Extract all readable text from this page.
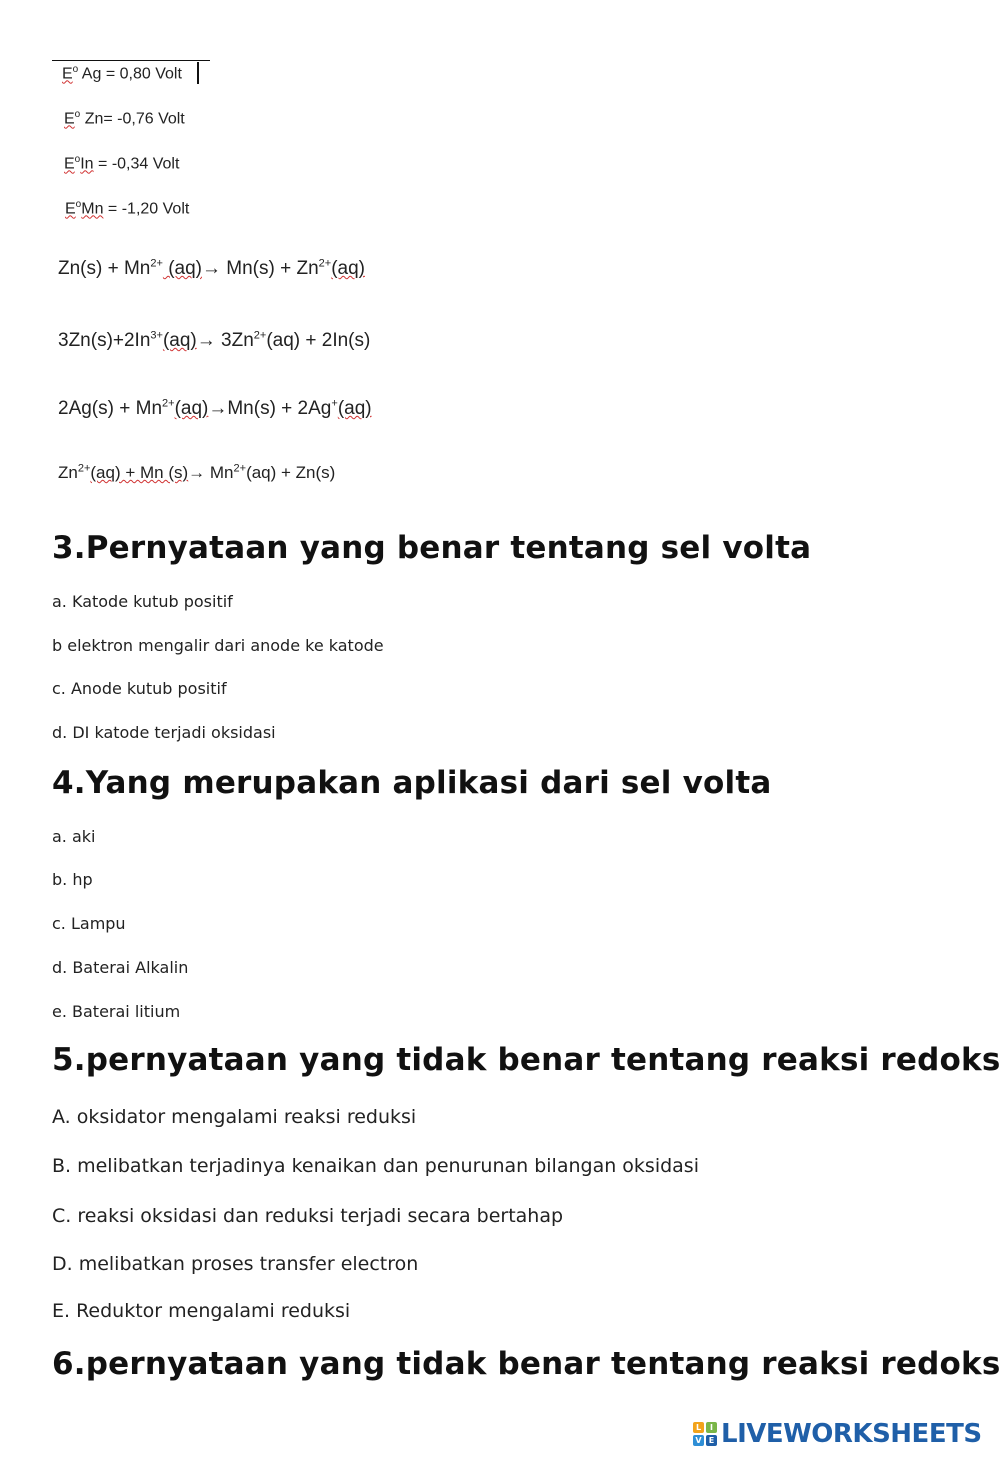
$E^o$ Ag = 0,80 Volt
$E^o$ Zn= -0,76 Volt
$E^oIn = -0,34$ Volt
$E^oMn = -1,20$ Volt
$Zn(s) + Mn^{2+}$ $(aq)\to Mn(s) + Zn^{2+}(aq)$
$3Zn(s)+2In^{3+}(aq)\to 3Zn^{2+}(aq) + 2In(s)$
$2Ag(s) + Mn^{2+}(aq)\to Mn(s) + 2Ag^+(aq)$
$Zn^{2+}(aq) + Mn$ $(s)\to Mn^{2+}(aq) + Zn(s)$
3.Pernyataan yang benar tentang sel volta
a. Katode kutub positif
b elektron mengalir dari anode ke katode
c. Anode kutub positif
d. DI katode terjadi oksidasi
4.Yang merupakan aplikasi dari sel volta
a. aki
b. hp
c. Lampu
d. Baterai Alkalin
e. Baterai litium
5.pernyataan yang tidak benar tentang reaksi redoks
A. oksidator mengalami reaksi reduksi
B. melibatkan terjadinya kenaikan dan penurunan bilangan oksidasi
C. reaksi oksidasi dan reduksi terjadi secara bertahap
D. melibatkan proses transfer electron
E. Reduktor mengalami reduksi
6.pernyataan yang tidak benar tentang reaksi redoks
L	I
V E LIVEWORKSHEETS
